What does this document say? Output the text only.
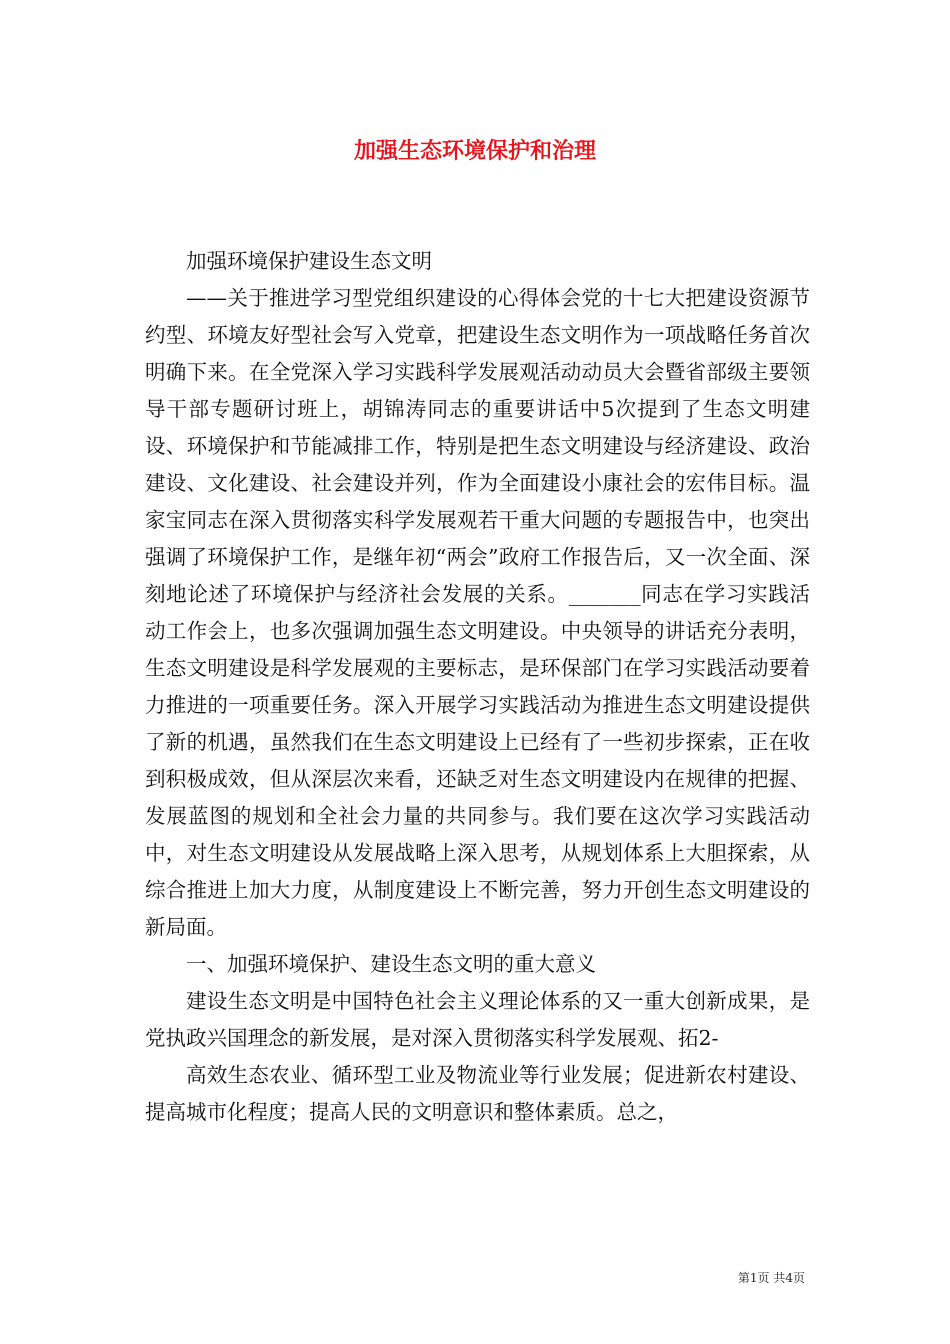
加强生态环境保护和治理

加强环境保护建设生态文明

——关于推进学习型党组织建设的心得体会党的十七大把建设资源节约型、环境友好型社会写入党章，把建设生态文明作为一项战略任务首次明确下来。在全党深入学习实践科学发展观活动动员大会暨省部级主要领导干部专题研讨班上，胡锦涛同志的重要讲话中5次提到了生态文明建设、环境保护和节能减排工作，特别是把生态文明建设与经济建设、政治建设、文化建设、社会建设并列，作为全面建设小康社会的宏伟目标。温家宝同志在深入贯彻落实科学发展观若干重大问题的专题报告中，也突出强调了环境保护工作，是继年初“两会”政府工作报告后，又一次全面、深刻地论述了环境保护与经济社会发展的关系。_______同志在学习实践活动工作会上，也多次强调加强生态文明建设。中央领导的讲话充分表明，生态文明建设是科学发展观的主要标志，是环保部门在学习实践活动要着力推进的一项重要任务。深入开展学习实践活动为推进生态文明建设提供了新的机遇，虽然我们在生态文明建设上已经有了一些初步探索，正在收到积极成效，但从深层次来看，还缺乏对生态文明建设内在规律的把握、发展蓝图的规划和全社会力量的共同参与。我们要在这次学习实践活动中，对生态文明建设从发展战略上深入思考，从规划体系上大胆探索，从综合推进上加大力度，从制度建设上不断完善，努力开创生态文明建设的新局面。

一、加强环境保护、建设生态文明的重大意义

建设生态文明是中国特色社会主义理论体系的又一重大创新成果，是党执政兴国理念的新发展，是对深入贯彻落实科学发展观、拓2-

高效生态农业、循环型工业及物流业等行业发展；促进新农村建设、提高城市化程度；提高人民的文明意识和整体素质。总之，

第1页 共4页
